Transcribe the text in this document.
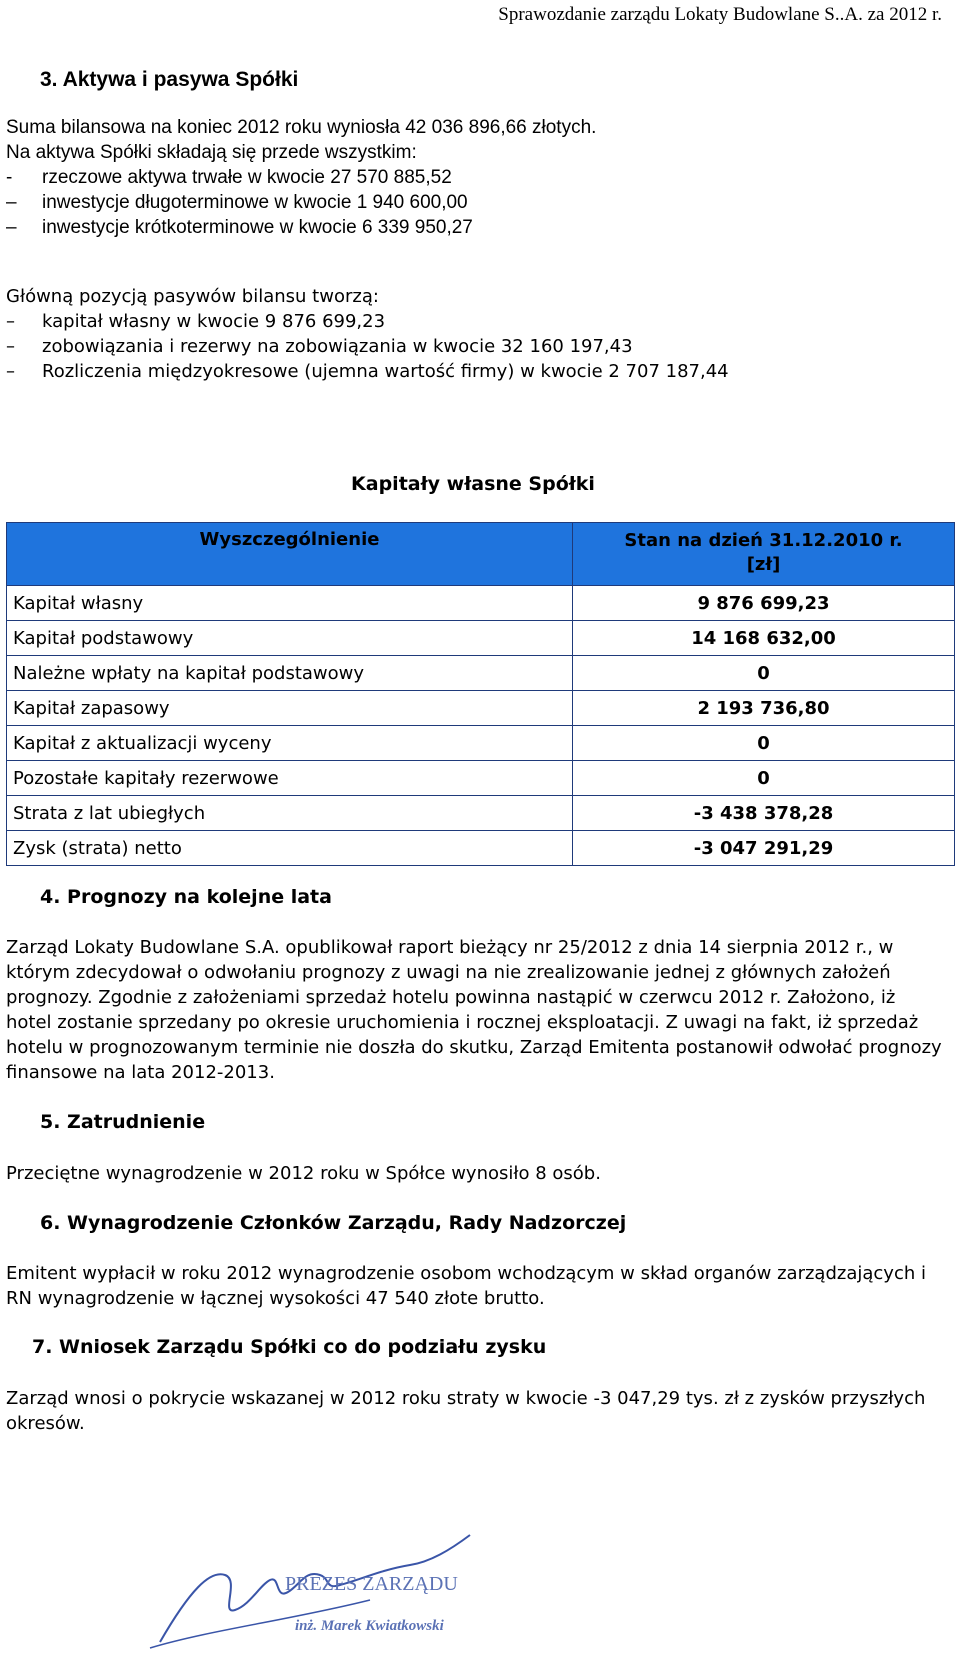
Sprawozdanie zarządu Lokaty Budowlane S..A. za 2012 r.
3. Aktywa i pasywa Spółki
Suma bilansowa na koniec 2012 roku wyniosła 42 036 896,66 złotych.
Na aktywa Spółki składają się przede wszystkim:
- rzeczowe aktywa trwałe w kwocie 27 570 885,52
– inwestycje długoterminowe w kwocie 1 940 600,00
– inwestycje krótkoterminowe w kwocie 6 339 950,27
Główną pozycją pasywów bilansu tworzą:
– kapitał własny w kwocie 9 876 699,23
– zobowiązania i rezerwy na zobowiązania w kwocie 32 160 197,43
– Rozliczenia międzyokresowe (ujemna wartość firmy) w kwocie 2 707 187,44
Kapitały własne Spółki
Wyszczególnienie	Stan na dzień 31.12.2010 r.
[zł]
Kapitał własny	9 876 699,23
Kapitał podstawowy	14 168 632,00
Należne wpłaty na kapitał podstawowy	0
Kapitał zapasowy	2 193 736,80
Kapitał z aktualizacji wyceny	0
Pozostałe kapitały rezerwowe	0
Strata z lat ubiegłych	-3 438 378,28
Zysk (strata) netto	-3 047 291,29
4. Prognozy na kolejne lata
Zarząd Lokaty Budowlane S.A. opublikował raport bieżący nr 25/2012 z dnia 14 sierpnia 2012 r., w którym zdecydował o odwołaniu prognozy z uwagi na nie zrealizowanie jednej z głównych założeń prognozy. Zgodnie z założeniami sprzedaż hotelu powinna nastąpić w czerwcu 2012 r. Założono, iż hotel zostanie sprzedany po okresie uruchomienia i rocznej eksploatacji. Z uwagi na fakt, iż sprzedaż hotelu w prognozowanym terminie nie doszła do skutku, Zarząd Emitenta postanowił odwołać prognozy finansowe na lata 2012-2013.
5. Zatrudnienie
Przeciętne wynagrodzenie w 2012 roku w Spółce wynosiło 8 osób.
6. Wynagrodzenie Członków Zarządu, Rady Nadzorczej
Emitent wypłacił w roku 2012 wynagrodzenie osobom wchodzącym w skład organów zarządzających i RN wynagrodzenie w łącznej wysokości 47 540 złote brutto.
7. Wniosek Zarządu Spółki co do podziału zysku
Zarząd wnosi o pokrycie wskazanej w 2012 roku straty w kwocie -3 047,29 tys. zł z zysków przyszłych okresów.
PREZES ZARZĄDU
inż. Marek Kwiatkowski
